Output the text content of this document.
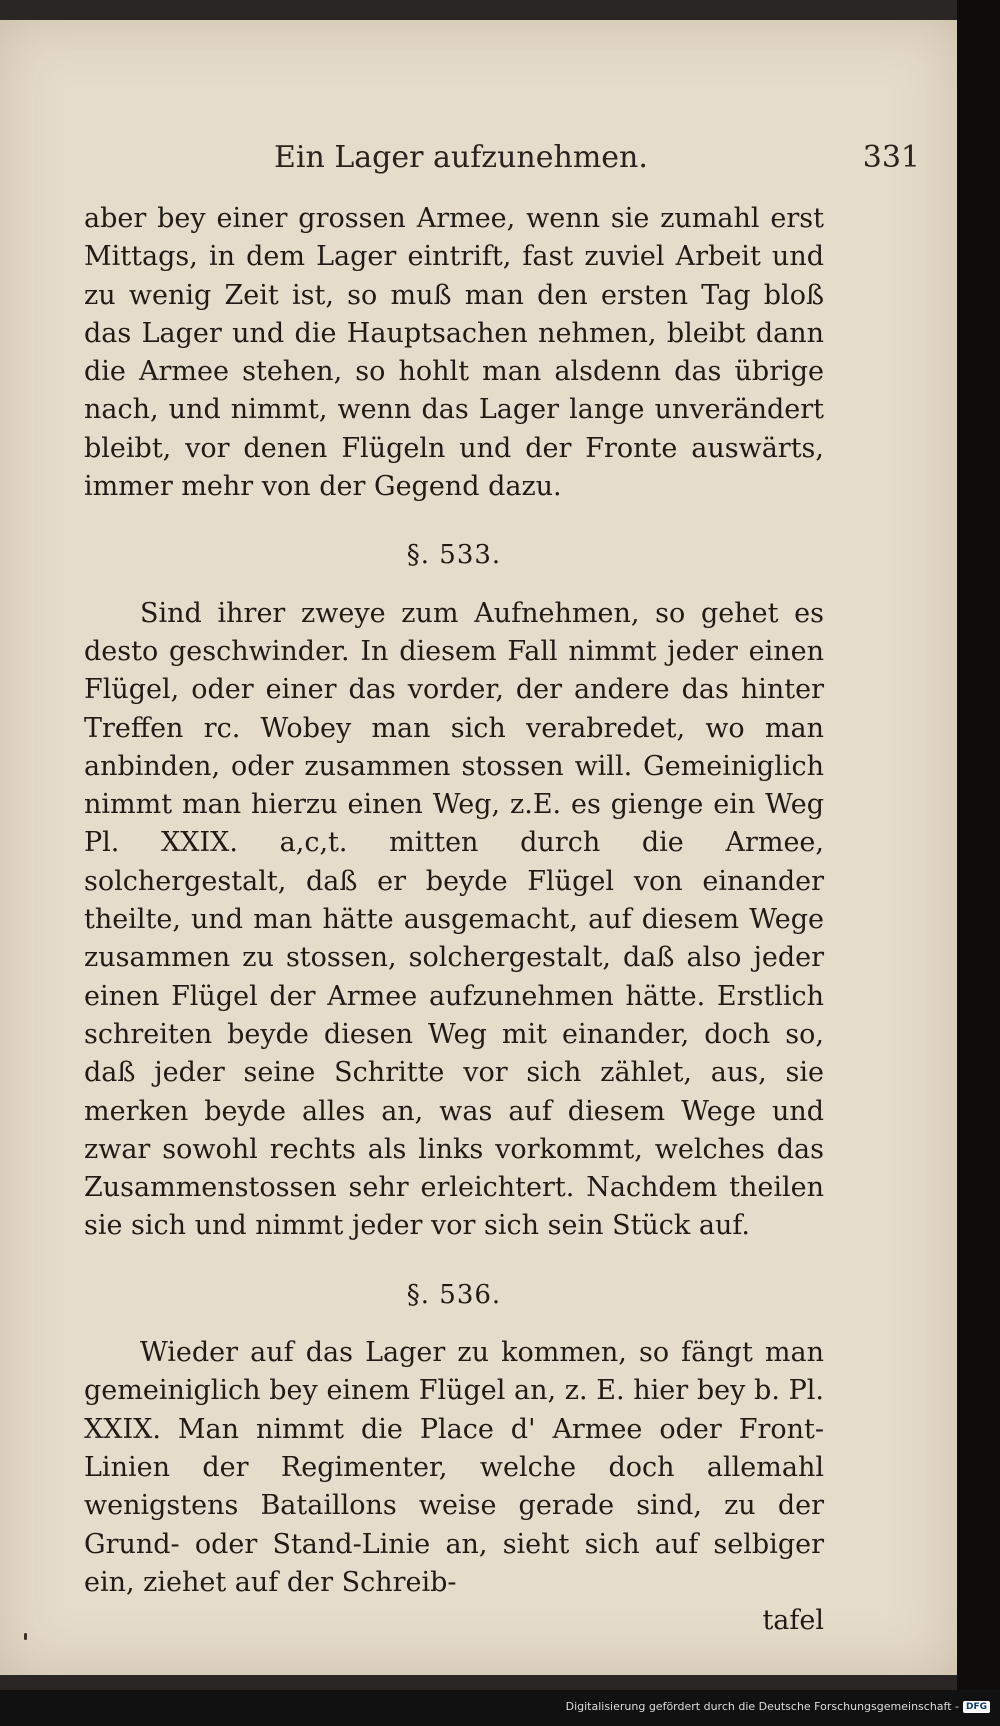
Ein Lager aufzunehmen.	331

aber bey einer grossen Armee, wenn sie zumahl erst Mittags, in dem Lager eintrift, fast zuviel Arbeit und zu wenig Zeit ist, so muß man den ersten Tag bloß das Lager und die Hauptsachen nehmen, bleibt dann die Armee stehen, so hohlt man alsdenn das übrige nach, und nimmt, wenn das Lager lange unverändert bleibt, vor denen Flügeln und der Fronte auswärts, immer mehr von der Gegend dazu.

§. 533.

Sind ihrer zweye zum Aufnehmen, so gehet es desto geschwinder. In diesem Fall nimmt jeder einen Flügel, oder einer das vorder, der andere das hinter Treffen rc. Wobey man sich verabredet, wo man anbinden, oder zusammen stossen will. Gemeiniglich nimmt man hierzu einen Weg, z.E. es gienge ein Weg Pl. XXIX. a,c,t. mitten durch die Armee, solchergestalt, daß er beyde Flügel von einander theilte, und man hätte ausgemacht, auf diesem Wege zusammen zu stossen, solchergestalt, daß also jeder einen Flügel der Armee aufzunehmen hätte. Erstlich schreiten beyde diesen Weg mit einander, doch so, daß jeder seine Schritte vor sich zählet, aus, sie merken beyde alles an, was auf diesem Wege und zwar sowohl rechts als links vorkommt, welches das Zusammenstossen sehr erleichtert. Nachdem theilen sie sich und nimmt jeder vor sich sein Stück auf.

§. 536.

Wieder auf das Lager zu kommen, so fängt man gemeiniglich bey einem Flügel an, z. E. hier bey b. Pl. XXIX. Man nimmt die Place d' Armee oder Front-Linien der Regimenter, welche doch allemahl wenigstens Bataillons weise gerade sind, zu der Grund- oder Stand-Linie an, sieht sich auf selbiger ein, ziehet auf der Schreib-

tafel

Digitalisierung gefördert durch die Deutsche Forschungsgemeinschaft - DFG
